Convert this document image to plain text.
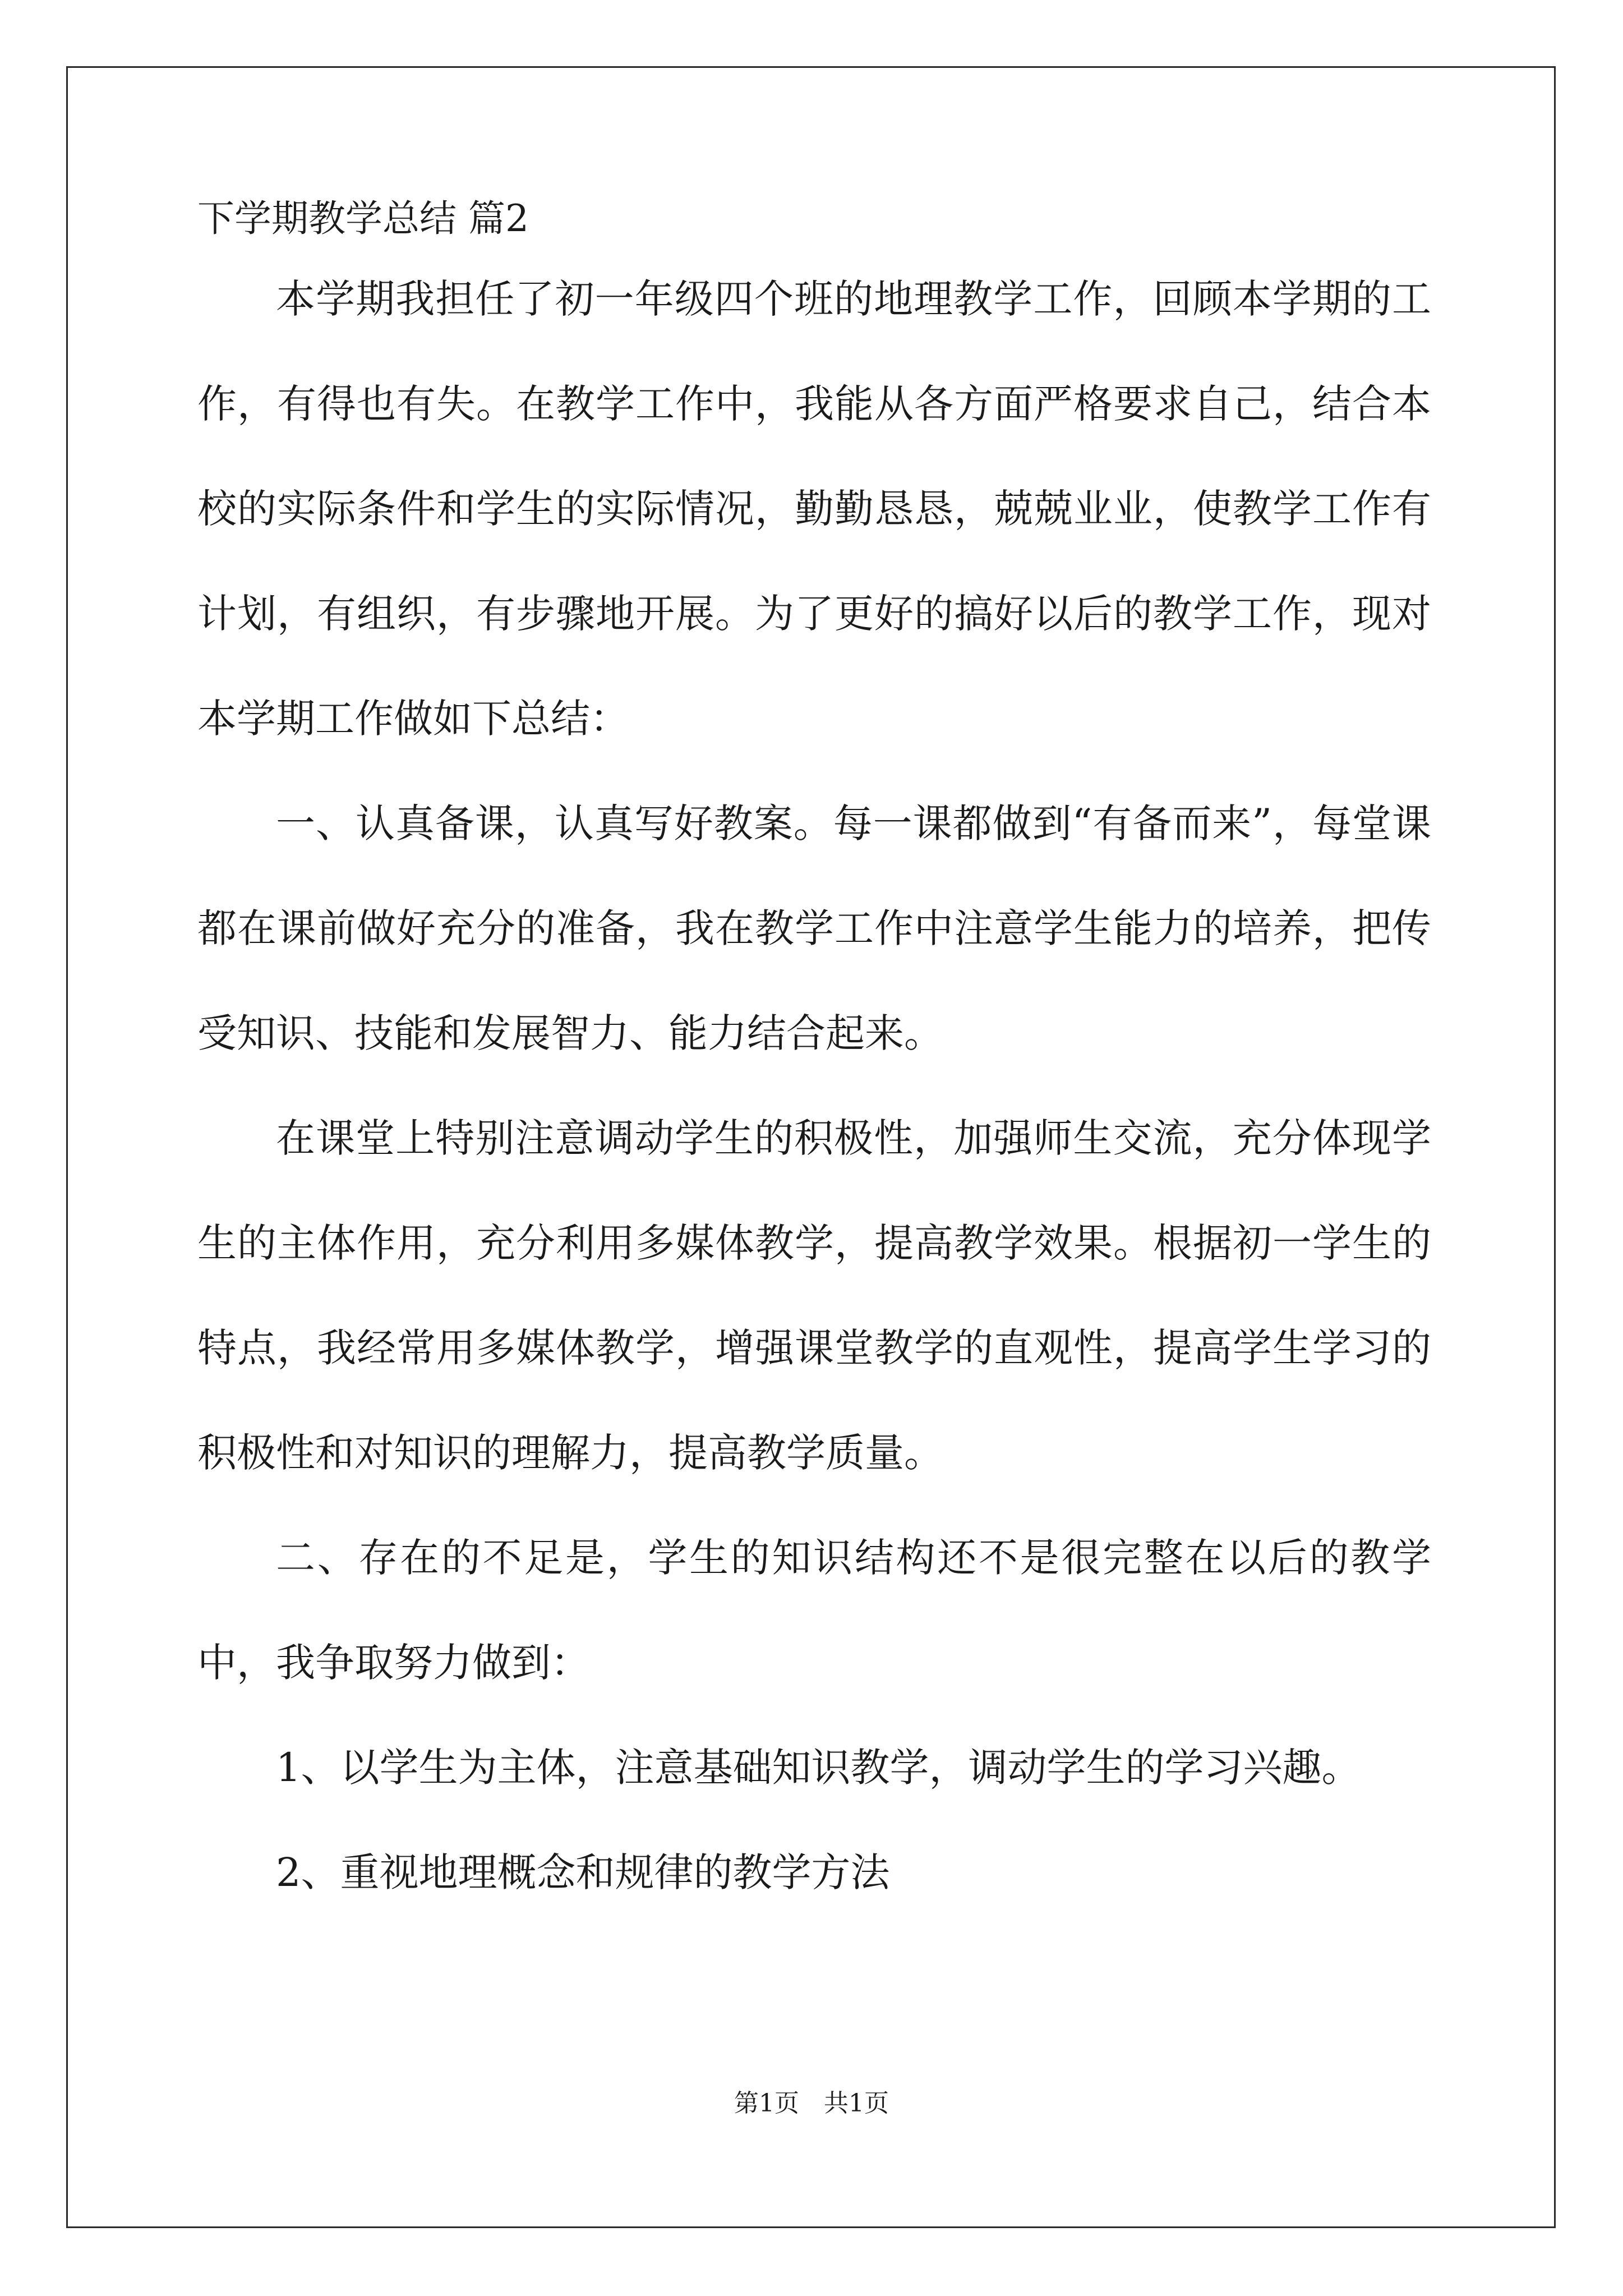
下学期教学总结 篇2

本学期我担任了初一年级四个班的地理教学工作，回顾本学期的工作，有得也有失。在教学工作中，我能从各方面严格要求自己，结合本校的实际条件和学生的实际情况，勤勤恳恳，兢兢业业，使教学工作有计划，有组织，有步骤地开展。为了更好的搞好以后的教学工作，现对本学期工作做如下总结：

一、认真备课，认真写好教案。每一课都做到“有备而来”，每堂课都在课前做好充分的准备，我在教学工作中注意学生能力的培养，把传受知识、技能和发展智力、能力结合起来。

在课堂上特别注意调动学生的积极性，加强师生交流，充分体现学生的主体作用，充分利用多媒体教学，提高教学效果。根据初一学生的特点，我经常用多媒体教学，增强课堂教学的直观性，提高学生学习的积极性和对知识的理解力，提高教学质量。

二、存在的不足是，学生的知识结构还不是很完整在以后的教学中，我争取努力做到：

1、以学生为主体，注意基础知识教学，调动学生的学习兴趣。

2、重视地理概念和规律的教学方法

第1页　共1页
